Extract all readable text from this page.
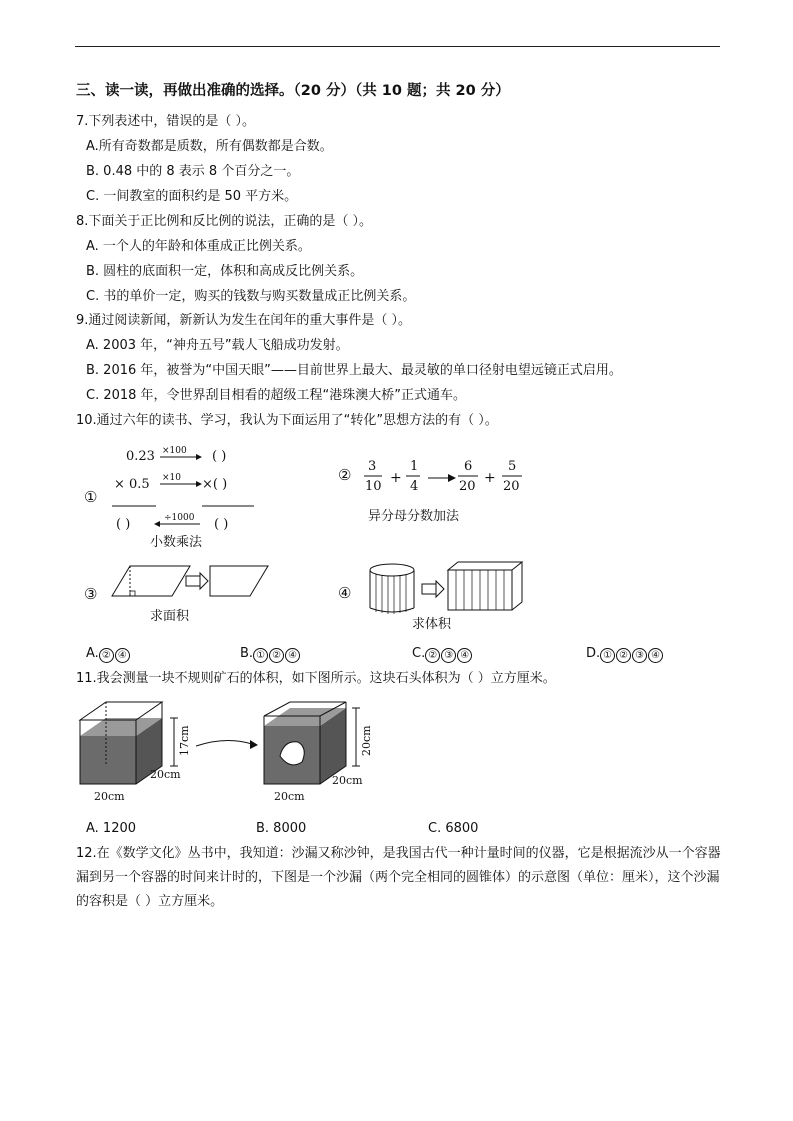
三、读一读，再做出准确的选择。（20 分）（共 10 题；共 20 分）
7.下列表述中，错误的是（ ）。
A.所有奇数都是质数，所有偶数都是合数。
B. 0.48 中的 8 表示 8 个百分之一。
C. 一间教室的面积约是 50 平方米。
8.下面关于正比例和反比例的说法，正确的是（ ）。
A. 一个人的年龄和体重成正比例关系。
B. 圆柱的底面积一定，体积和高成反比例关系。
C. 书的单价一定，购买的钱数与购买数量成正比例关系。
9.通过阅读新闻，新新认为发生在闰年的重大事件是（ ）。
A. 2003 年，“神舟五号”载人飞船成功发射。
B. 2016 年，被誉为“中国天眼”——目前世界上最大、最灵敏的单口径射电望远镜正式启用。
C. 2018 年，令世界刮目相看的超级工程“港珠澳大桥”正式通车。
10.通过六年的读书、学习，我认为下面运用了“转化”思想方法的有（ ）。
①
0.23 ×100 ( )
× 0.5 ×10 ×( )
( )	÷1000 ( )
小数乘法
② 3
10
+
1
4
6
20
+
5
20
异分母分数加法
③
求面积
④
求体积
A. ② ④	B. ① ② ④	C. ② ③ ④	D. ① ② ③ ④
11.我会测量一块不规则矿石的体积，如下图所示。这块石头体积为（ ）立方厘米。
17cm
20cm
20cm
20cm
20cm
20cm
A. 1200	B. 8000	C. 6800
12.在《数学文化》丛书中，我知道：沙漏又称沙钟，是我国古代一种计量时间的仪器，它是根据流沙从一个容器漏到另一个容器的时间来计时的，下图是一个沙漏（两个完全相同的圆锥体）的示意图（单位：厘米），这个沙漏的容积是（ ）立方厘米。
